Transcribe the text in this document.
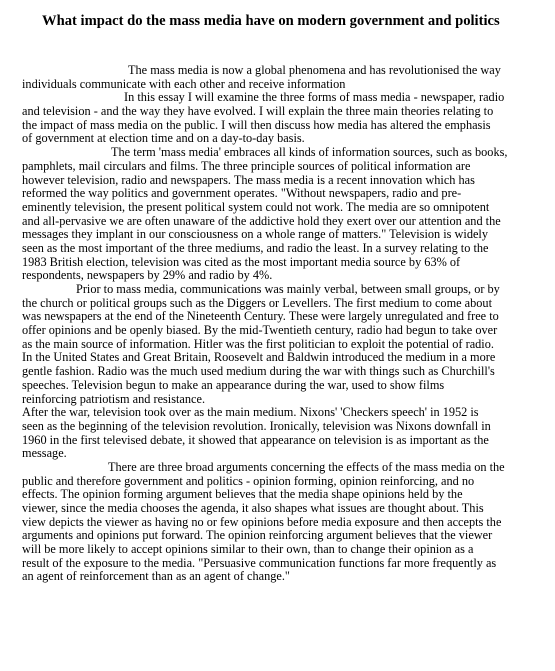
What impact do the mass media have on modern government and politics
The mass media is now a global phenomena and has revolutionised the way
individuals communicate with each other and receive information
In this essay I will examine the three forms of mass media - newspaper, radio
and television - and the way they have evolved. I will explain the three main theories relating to
the impact of mass media on the public. I will then discuss how media has altered the emphasis
of government at election time and on a day-to-day basis.
The term 'mass media' embraces all kinds of information sources, such as books,
pamphlets, mail circulars and films. The three principle sources of political information are
however television, radio and newspapers. The mass media is a recent innovation which has
reformed the way politics and government operates. "Without newspapers, radio and pre-
eminently television, the present political system could not work. The media are so omnipotent
and all-pervasive we are often unaware of the addictive hold they exert over our attention and the
messages they implant in our consciousness on a whole range of matters." Television is widely
seen as the most important of the three mediums, and radio the least. In a survey relating to the
1983 British election, television was cited as the most important media source by 63% of
respondents, newspapers by 29% and radio by 4%.
Prior to mass media, communications was mainly verbal, between small groups, or by
the church or political groups such as the Diggers or Levellers. The first medium to come about
was newspapers at the end of the Nineteenth Century. These were largely unregulated and free to
offer opinions and be openly biased. By the mid-Twentieth century, radio had begun to take over
as the main source of information. Hitler was the first politician to exploit the potential of radio.
In the United States and Great Britain, Roosevelt and Baldwin introduced the medium in a more
gentle fashion. Radio was the much used medium during the war with things such as Churchill's
speeches. Television begun to make an appearance during the war, used to show films
reinforcing patriotism and resistance.
After the war, television took over as the main medium. Nixons' 'Checkers speech' in 1952 is
seen as the beginning of the television revolution. Ironically, television was Nixons downfall in
1960 in the first televised debate, it showed that appearance on television is as important as the
message.
There are three broad arguments concerning the effects of the mass media on the
public and therefore government and politics - opinion forming, opinion reinforcing, and no
effects. The opinion forming argument believes that the media shape opinions held by the
viewer, since the media chooses the agenda, it also shapes what issues are thought about. This
view depicts the viewer as having no or few opinions before media exposure and then accepts the
arguments and opinions put forward. The opinion reinforcing argument believes that the viewer
will be more likely to accept opinions similar to their own, than to change their opinion as a
result of the exposure to the media. "Persuasive communication functions far more frequently as
an agent of reinforcement than as an agent of change."
